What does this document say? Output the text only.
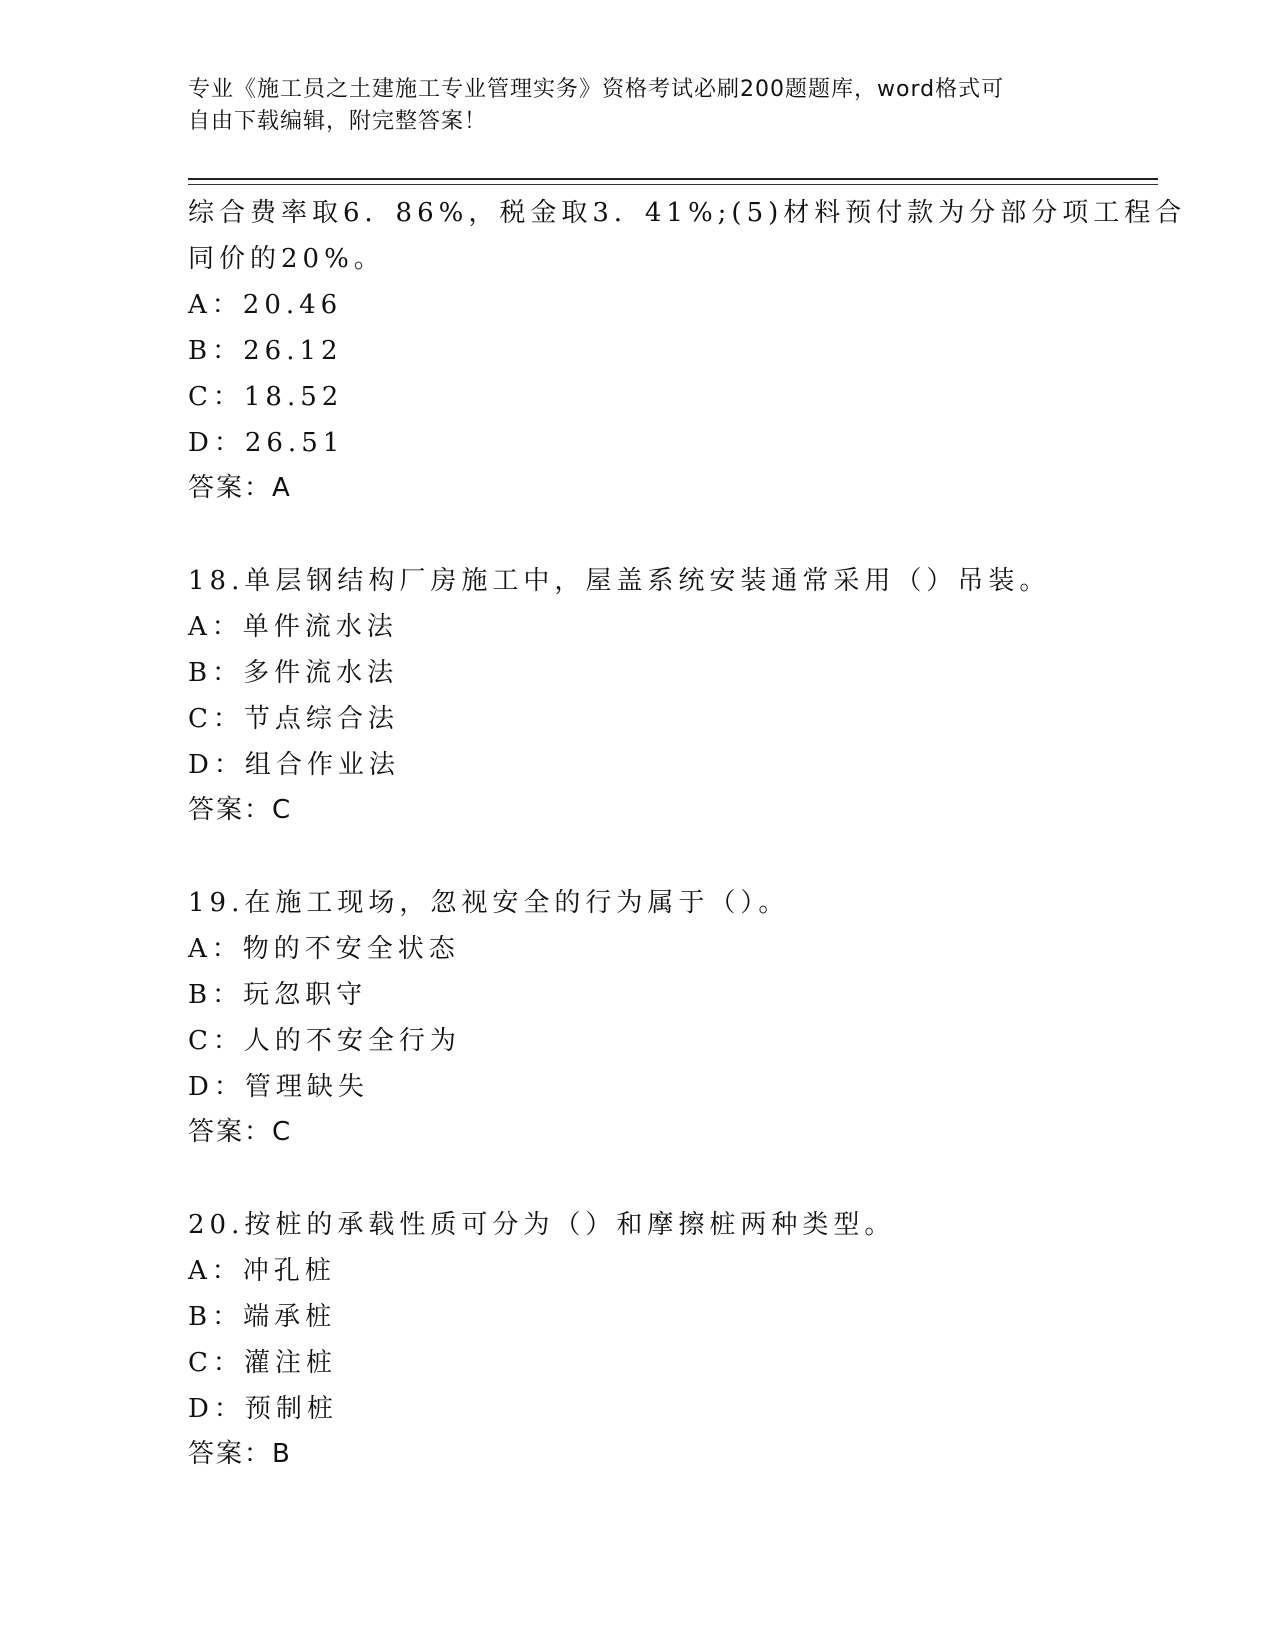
专业《施工员之土建施工专业管理实务》资格考试必刷200题题库，word格式可
自由下载编辑，附完整答案！
综合费率取6．86%，税金取3．41%;(5)材料预付款为分部分项工程合
同价的20%。
A：20.46
B：26.12
C：18.52
D：26.51
答案：A
18.单层钢结构厂房施工中，屋盖系统安装通常采用（）吊装。
A：单件流水法
B：多件流水法
C：节点综合法
D：组合作业法
答案：C
19.在施工现场，忽视安全的行为属于（）。
A：物的不安全状态
B：玩忽职守
C：人的不安全行为
D：管理缺失
答案：C
20.按桩的承载性质可分为（）和摩擦桩两种类型。
A：冲孔桩
B：端承桩
C：灌注桩
D：预制桩
答案：B
